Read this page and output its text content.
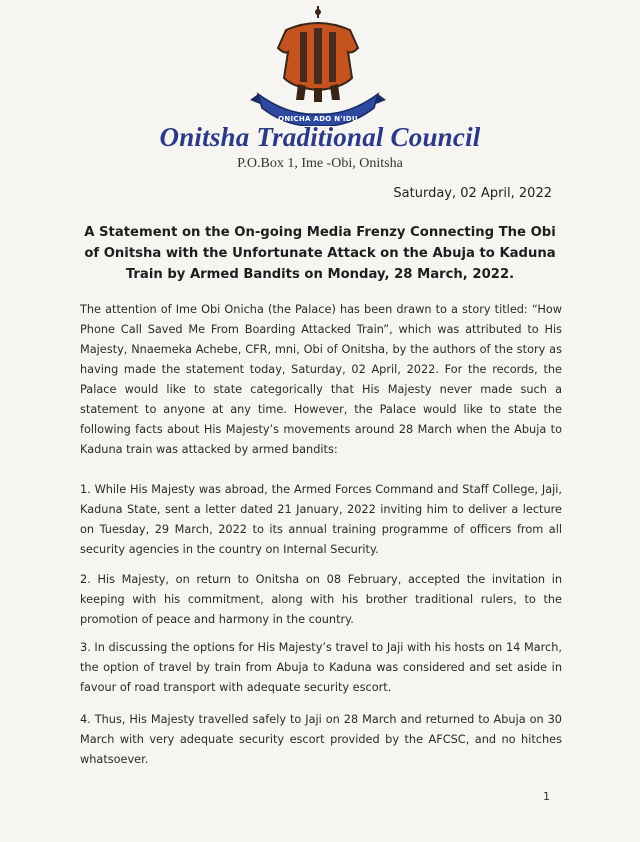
ONICHA ADO N'IDU
Onitsha Traditional Council
P.O.Box 1, Ime -Obi, Onitsha
Saturday, 02 April, 2022
A Statement on the On-going Media Frenzy Connecting The Obi of Onitsha with the Unfortunate Attack on the Abuja to Kaduna Train by Armed Bandits on Monday, 28 March, 2022.
The attention of Ime Obi Onicha (the Palace) has been drawn to a story titled: “How Phone Call Saved Me From Boarding Attacked Train”, which was attributed to His Majesty, Nnaemeka Achebe, CFR, mni, Obi of Onitsha, by the authors of the story as having made the statement today, Saturday, 02 April, 2022. For the records, the Palace would like to state categorically that His Majesty never made such a statement to anyone at any time. However, the Palace would like to state the following facts about His Majesty’s movements around 28 March when the Abuja to Kaduna train was attacked by armed bandits:
1. While His Majesty was abroad, the Armed Forces Command and Staff College, Jaji, Kaduna State, sent a letter dated 21 January, 2022 inviting him to deliver a lecture on Tuesday, 29 March, 2022 to its annual training programme of officers from all security agencies in the country on Internal Security.
2. His Majesty, on return to Onitsha on 08 February, accepted the invitation in keeping with his commitment, along with his brother traditional rulers, to the promotion of peace and harmony in the country.
3. In discussing the options for His Majesty’s travel to Jaji with his hosts on 14 March, the option of travel by train from Abuja to Kaduna was considered and set aside in favour of road transport with adequate security escort.
4. Thus, His Majesty travelled safely to Jaji on 28 March and returned to Abuja on 30 March with very adequate security escort provided by the AFCSC, and no hitches whatsoever.
1
